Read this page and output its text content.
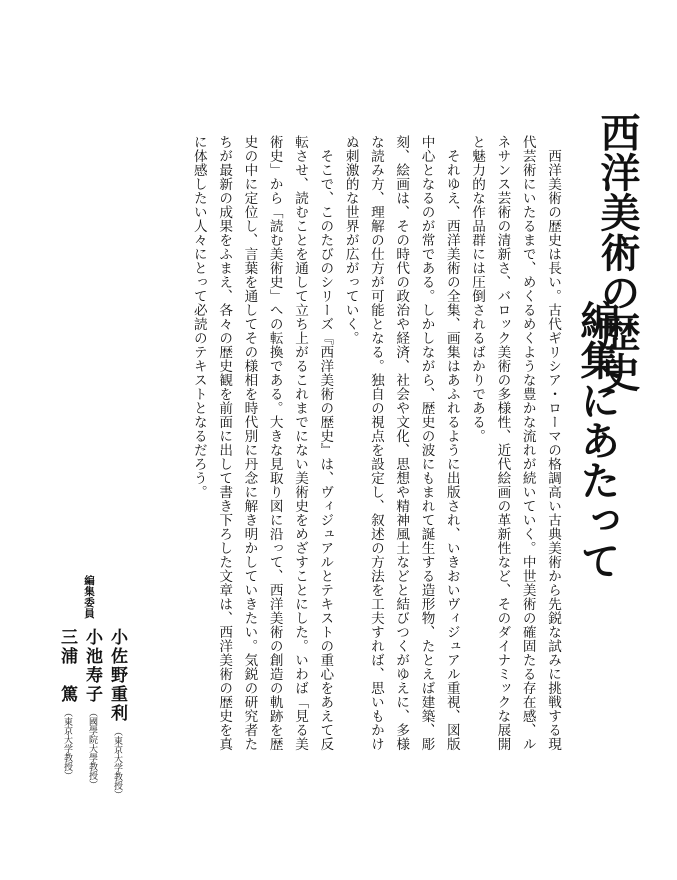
西洋美術の歴史
編集にあたって

西洋美術の歴史は長い。古代ギリシア・ローマの格調高い古典美術から先鋭な試みに挑戦する現代芸術にいたるまで、めくるめくような豊かな流れが続いていく。中世美術の確固たる存在感、ルネサンス芸術の清新さ、バロック美術の多様性、近代絵画の革新性など、そのダイナミックな展開と魅力的な作品群には圧倒されるばかりである。

それゆえ、西洋美術の全集、画集はあふれるように出版され、いきおいヴィジュアル重視、図版中心となるのが常である。しかしながら、歴史の波にもまれて誕生する造形物、たとえば建築、彫刻、絵画は、その時代の政治や経済、社会や文化、思想や精神風土などと結びつくがゆえに、多様な読み方、理解の仕方が可能となる。独自の視点を設定し、叙述の方法を工夫すれば、思いもかけぬ刺激的な世界が広がっていく。

そこで、このたびのシリーズ『西洋美術の歴史』は、ヴィジュアルとテキストの重心をあえて反転させ、読むことを通して立ち上がるこれまでにない美術史をめざすことにした。いわば「見る美術史」から「読む美術史」への転換である。大きな見取り図に沿って、西洋美術の創造の軌跡を歴史の中に定位し、言葉を通してその様相を時代別に丹念に解き明かしていきたい。気鋭の研究者たちが最新の成果をふまえ、各々の歴史観を前面に出して書き下ろした文章は、西洋美術の歴史を真に体感したい人々にとって必読のテキストとなるだろう。

編集委員
小佐野重利（東京大学教授）
小池寿子（國學院大學教授）
三浦　篤（東京大学教授）
